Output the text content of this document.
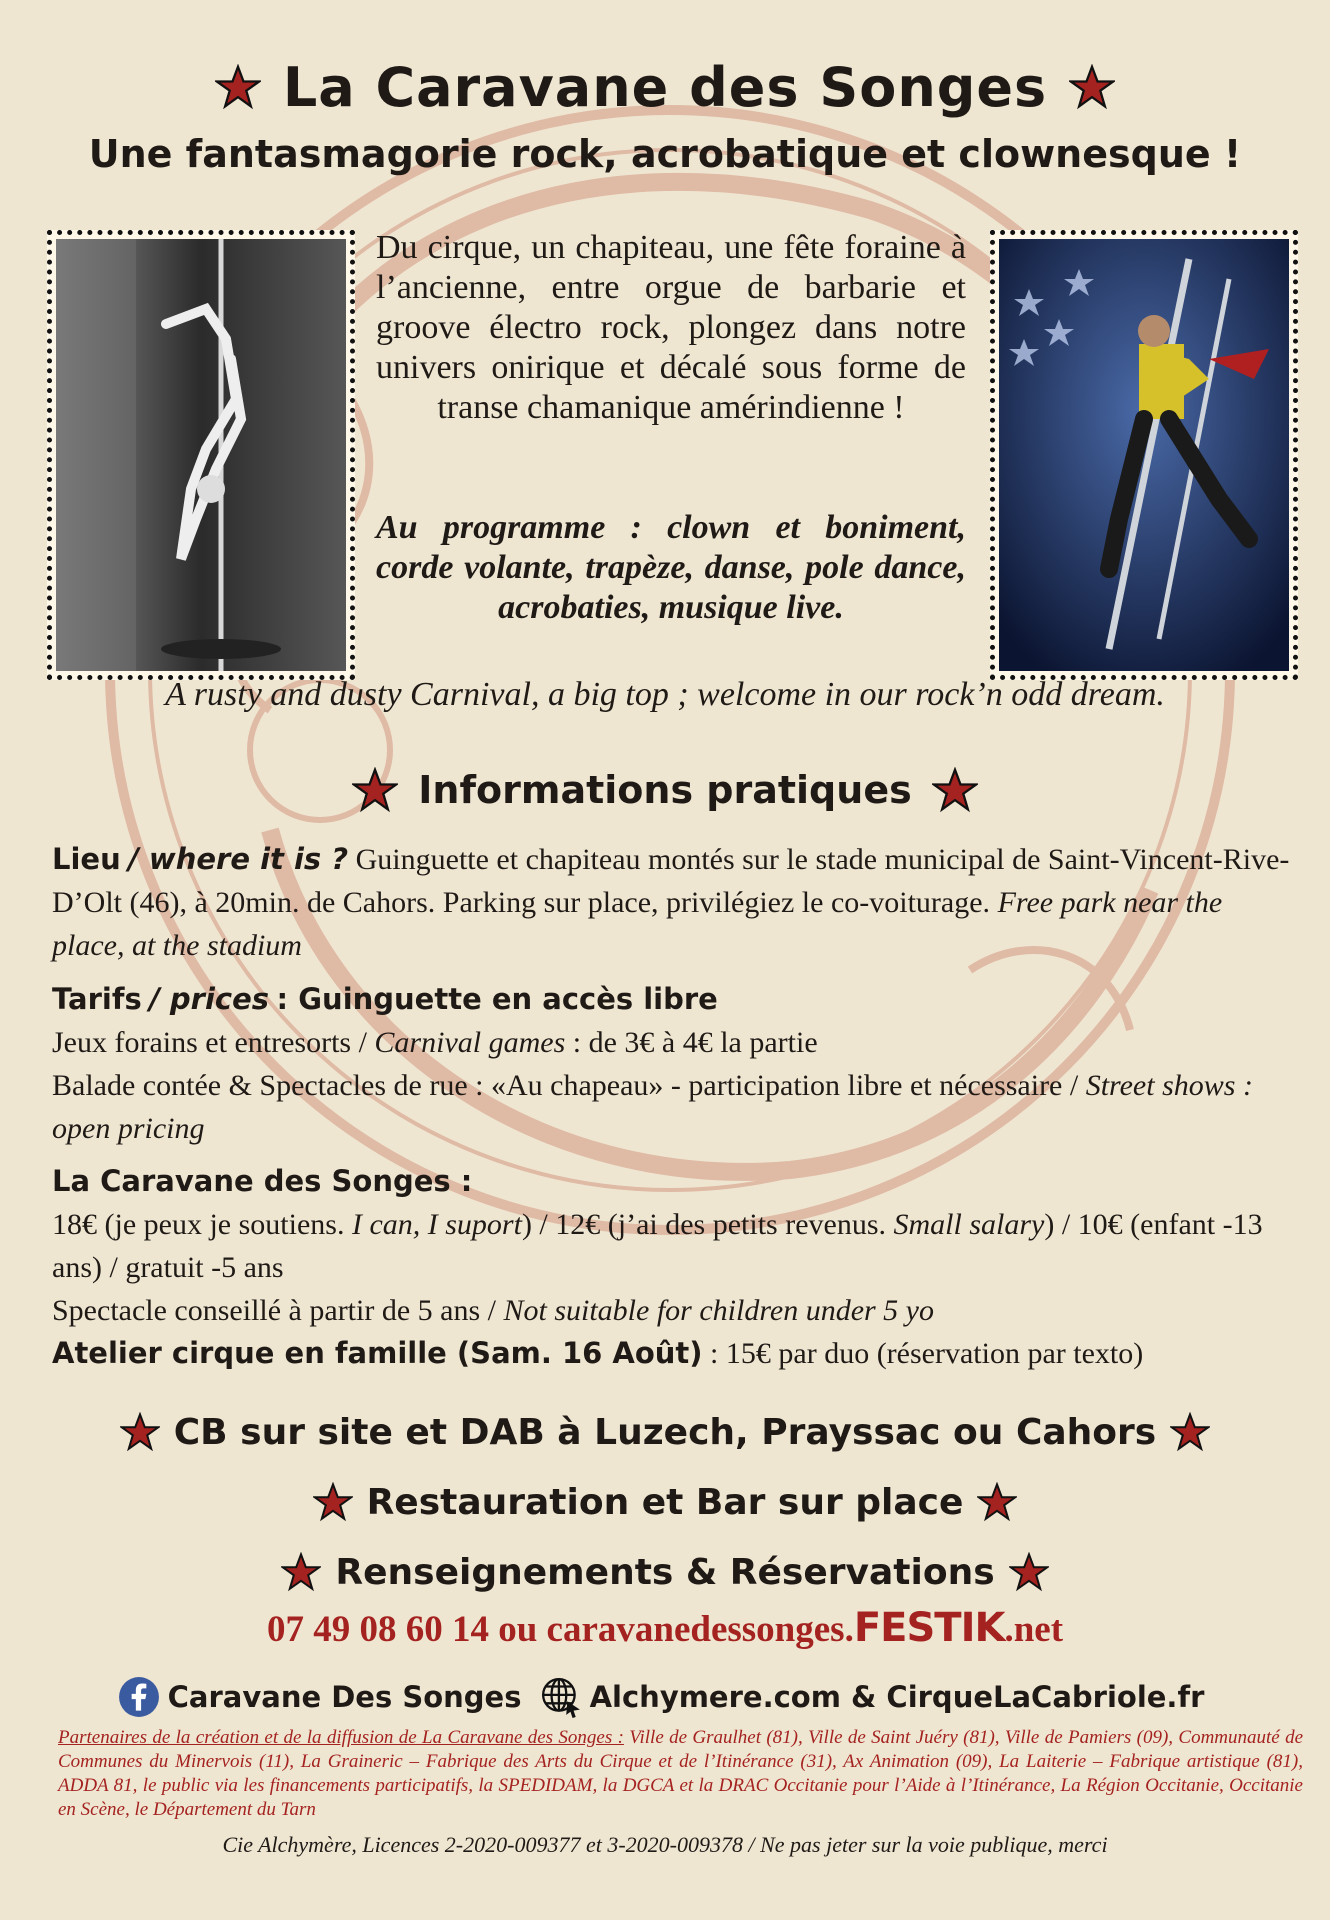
La Caravane des Songes
Une fantasmagorie rock, acrobatique et clownesque !
Du cirque, un chapiteau, une fête foraine à l’ancienne, entre orgue de barbarie et groove électro rock, plongez dans notre univers onirique et décalé sous forme de transe chamanique amérindienne !
Au programme : clown et boniment, corde volante, trapèze, danse, pole dance, acrobaties, musique live.
A rusty and dusty Carnival, a big top ; welcome in our rock’n odd dream.
Informations pratiques
Lieu / where it is ? Guinguette et chapiteau montés sur le stade municipal de Saint-Vincent-Rive-D’Olt (46), à 20min. de Cahors. Parking sur place, privilégiez le co-voiturage. Free park near the place, at the stadium
Tarifs / prices : Guinguette en accès libre
Jeux forains et entresorts / Carnival games : de 3€ à 4€ la partie
Balade contée & Spectacles de rue : «Au chapeau» - participation libre et nécessaire / Street shows : open pricing
La Caravane des Songes :
18€ (je peux je soutiens. I can, I suport) / 12€ (j’ai des petits revenus. Small salary) / 10€ (enfant -13 ans) / gratuit -5 ans
Spectacle conseillé à partir de 5 ans / Not suitable for children under 5 yo
Atelier cirque en famille (Sam. 16 Août) : 15€ par duo (réservation par texto)
CB sur site et DAB à Luzech, Prayssac ou Cahors
Restauration et Bar sur place
Renseignements & Réservations
07 49 08 60 14 ou caravanedessonges.FESTIK.net
Caravane Des Songes Alchymere.com & CirqueLaCabriole.fr
Partenaires de la création et de la diffusion de La Caravane des Songes : Ville de Graulhet (81), Ville de Saint Juéry (81), Ville de Pamiers (09), Communauté de Communes du Minervois (11), La Graineric – Fabrique des Arts du Cirque et de l’Itinérance (31), Ax Animation (09), La Laiterie – Fabrique artistique (81), ADDA 81, le public via les financements participatifs, la SPEDIDAM, la DGCA et la DRAC Occitanie pour l’Aide à l’Itinérance, La Région Occitanie, Occitanie en Scène, le Département du Tarn
Cie Alchymère, Licences 2-2020-009377 et 3-2020-009378 / Ne pas jeter sur la voie publique, merci
